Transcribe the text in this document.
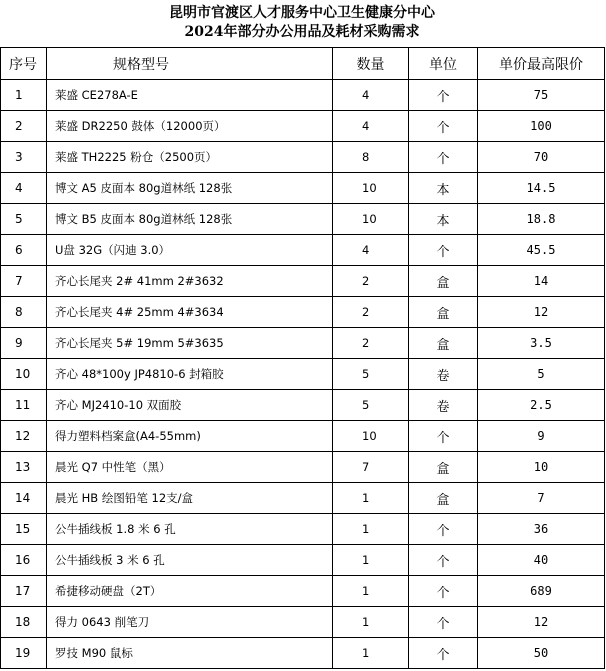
昆明市官渡区人才服务中心卫生健康分中心
2024年部分办公用品及耗材采购需求
序号	规格型号	数量	单位	单价最高限价
1	莱盛 CE278A-E	4	个	75
2	莱盛 DR2250 鼓体（12000页）	4	个	100
3	莱盛 TH2225 粉仓（2500页）	8	个	70
4	博文 A5 皮面本 80g道林纸 128张	10	本	14.5
5	博文 B5 皮面本 80g道林纸 128张	10	本	18.8
6	U盘 32G（闪迪 3.0）	4	个	45.5
7	齐心长尾夹 2# 41mm 2#3632	2	盒	14
8	齐心长尾夹 4# 25mm 4#3634	2	盒	12
9	齐心长尾夹 5# 19mm 5#3635	2	盒	3.5
10	齐心 48*100y JP4810-6 封箱胶	5	卷	5
11	齐心 MJ2410-10 双面胶	5	卷	2.5
12	得力塑料档案盒(A4-55mm)	10	个	9
13	晨光 Q7 中性笔（黑）	7	盒	10
14	晨光 HB 绘图铅笔 12支/盒	1	盒	7
15	公牛插线板 1.8 米 6 孔	1	个	36
16	公牛插线板 3 米 6 孔	1	个	40
17	希捷移动硬盘（2T）	1	个	689
18	得力 0643 削笔刀	1	个	12
19	罗技 M90 鼠标	1	个	50
